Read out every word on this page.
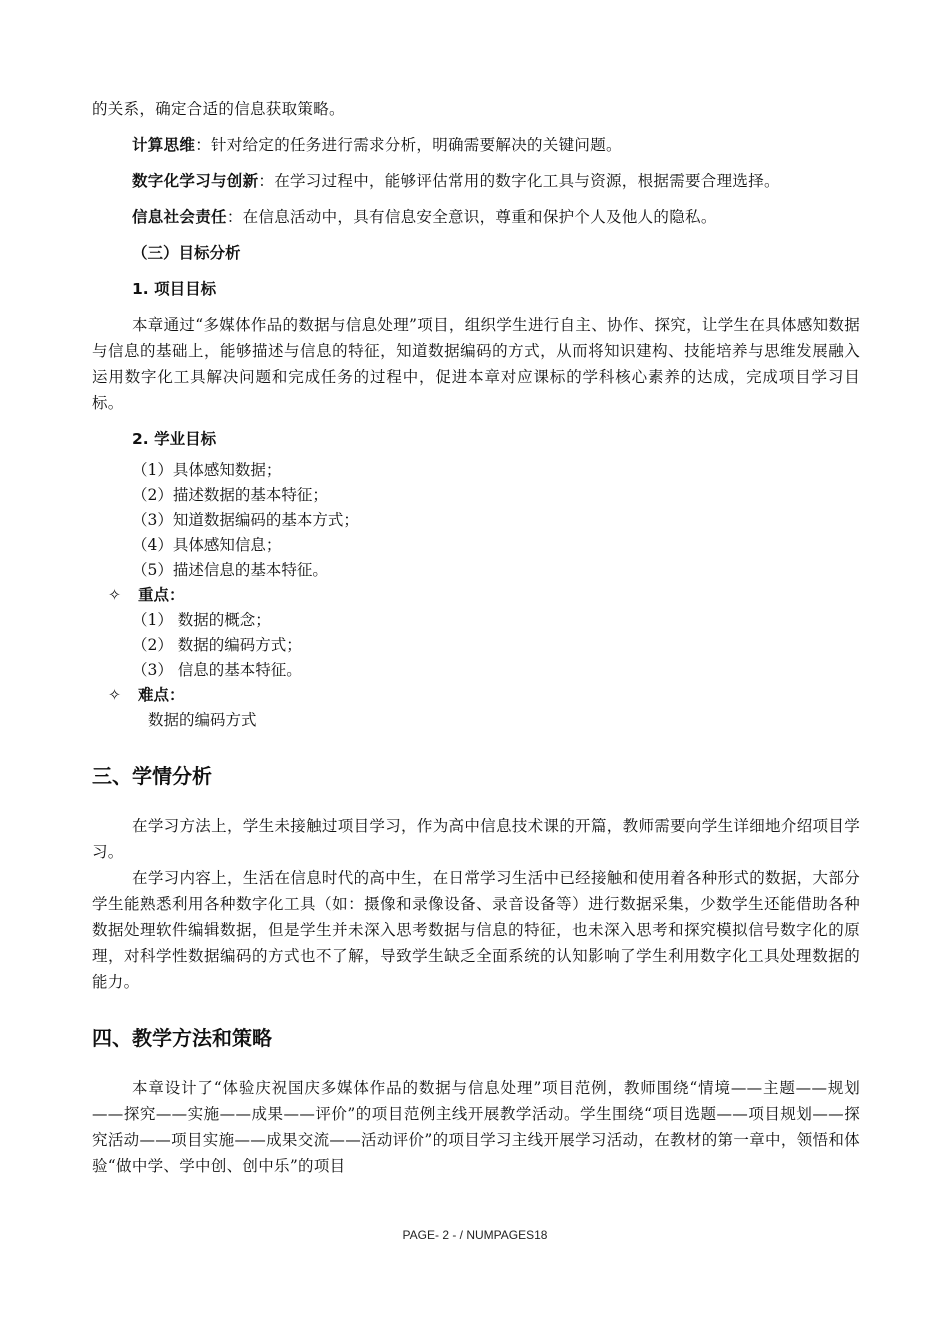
的关系，确定合适的信息获取策略。

计算思维：针对给定的任务进行需求分析，明确需要解决的关键问题。

数字化学习与创新：在学习过程中，能够评估常用的数字化工具与资源，根据需要合理选择。

信息社会责任：在信息活动中，具有信息安全意识，尊重和保护个人及他人的隐私。

（三）目标分析

1. 项目目标

本章通过“多媒体作品的数据与信息处理”项目，组织学生进行自主、协作、探究，让学生在具体感知数据与信息的基础上，能够描述与信息的特征，知道数据编码的方式，从而将知识建构、技能培养与思维发展融入运用数字化工具解决问题和完成任务的过程中，促进本章对应课标的学科核心素养的达成，完成项目学习目标。

2. 学业目标

（1）具体感知数据；
（2）描述数据的基本特征；
（3）知道数据编码的基本方式；
（4）具体感知信息；
（5）描述信息的基本特征。
✧ 重点：
（1） 数据的概念；
（2） 数据的编码方式；
（3） 信息的基本特征。
✧ 难点：
数据的编码方式

三、学情分析

在学习方法上，学生未接触过项目学习，作为高中信息技术课的开篇，教师需要向学生详细地介绍项目学习。

在学习内容上，生活在信息时代的高中生，在日常学习生活中已经接触和使用着各种形式的数据，大部分学生能熟悉利用各种数字化工具（如：摄像和录像设备、录音设备等）进行数据采集，少数学生还能借助各种数据处理软件编辑数据，但是学生并未深入思考数据与信息的特征，也未深入思考和探究模拟信号数字化的原理，对科学性数据编码的方式也不了解，导致学生缺乏全面系统的认知影响了学生利用数字化工具处理数据的能力。

四、教学方法和策略

本章设计了“体验庆祝国庆多媒体作品的数据与信息处理”项目范例，教师围绕“情境——主题——规划——探究——实施——成果——评价”的项目范例主线开展教学活动。学生围绕“项目选题——项目规划——探究活动——项目实施——成果交流——活动评价”的项目学习主线开展学习活动，在教材的第一章中，领悟和体验“做中学、学中创、创中乐”的项目

PAGE- 2 - / NUMPAGES18
